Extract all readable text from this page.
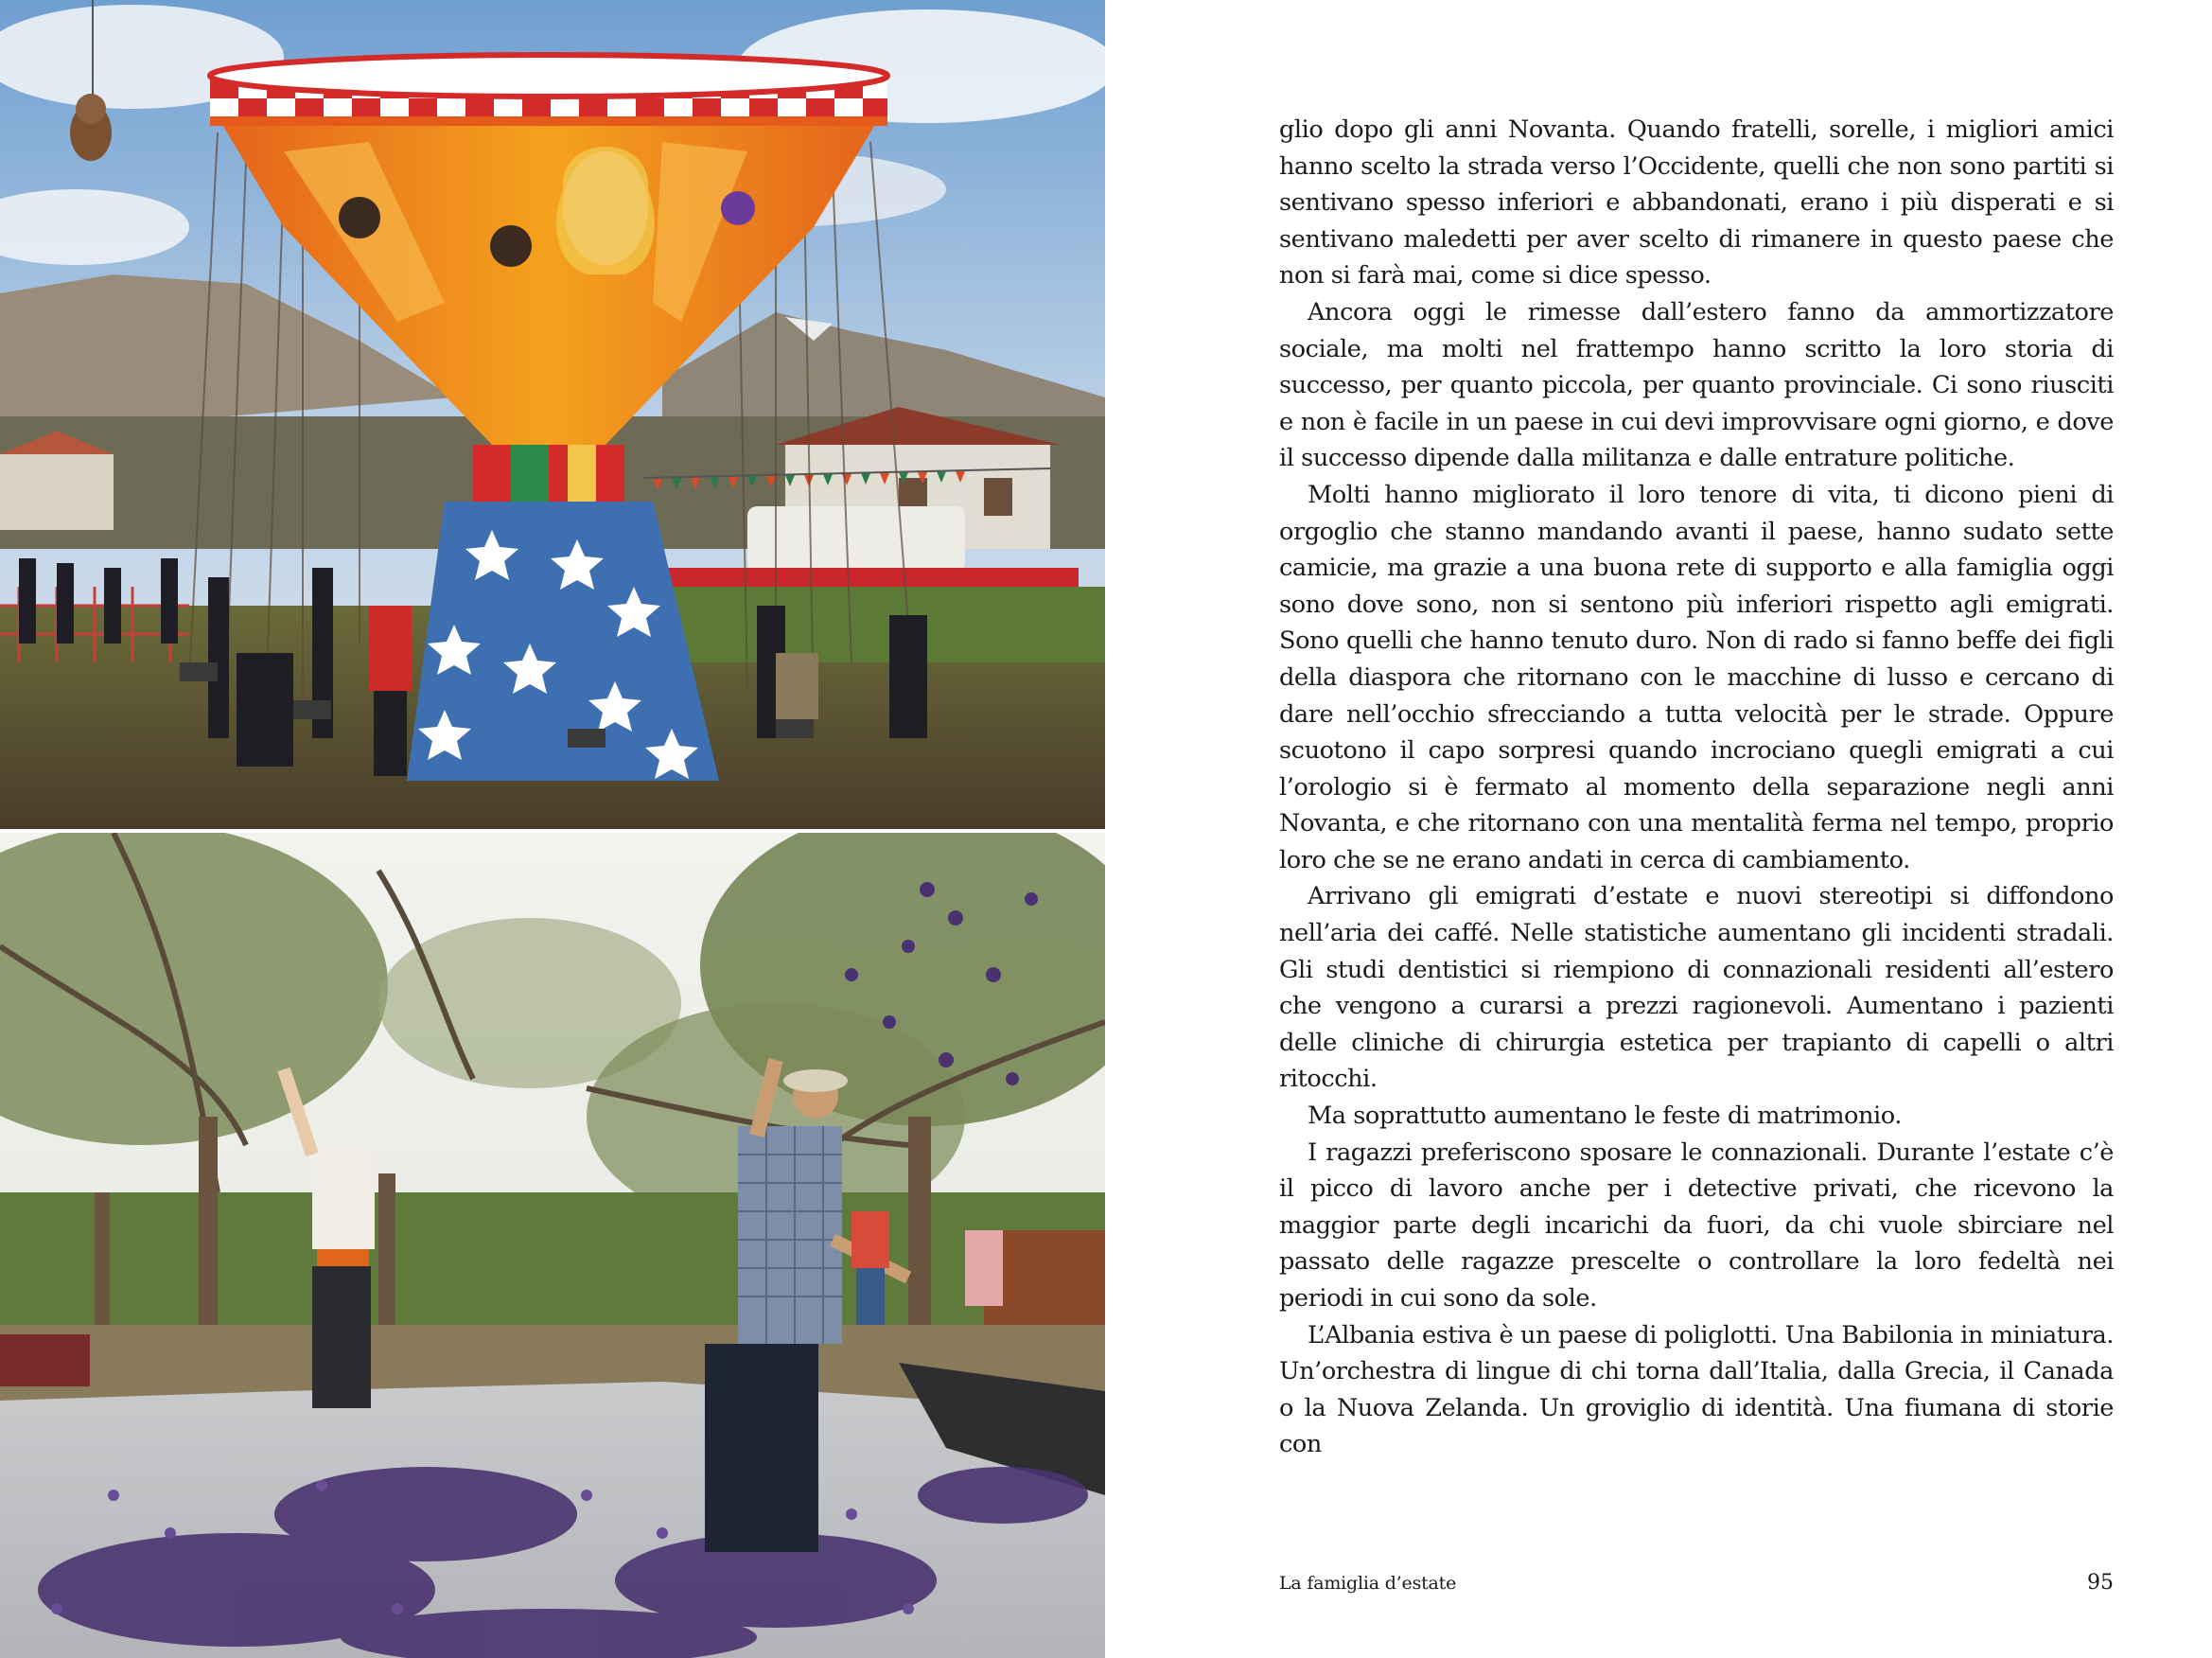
glio dopo gli anni Novanta. Quando fratelli, sorelle, i migliori amici hanno scelto la strada verso l’Occidente, quelli che non sono partiti si sentivano spesso inferiori e abbandonati, erano i più disperati e si sentivano maledetti per aver scelto di rimanere in questo paese che non si farà mai, come si dice spesso.

Ancora oggi le rimesse dall’estero fanno da ammortizzatore sociale, ma molti nel frattempo hanno scritto la loro storia di successo, per quanto piccola, per quanto provinciale. Ci sono riusciti e non è facile in un paese in cui devi improvvisare ogni giorno, e dove il successo dipende dalla militanza e dalle entrature politiche.

Molti hanno migliorato il loro tenore di vita, ti dicono pieni di orgoglio che stanno mandando avanti il paese, hanno sudato sette camicie, ma grazie a una buona rete di supporto e alla famiglia oggi sono dove sono, non si sentono più inferiori rispetto agli emigrati. Sono quelli che hanno tenuto duro. Non di rado si fanno beffe dei figli della diaspora che ritornano con le macchine di lusso e cercano di dare nell’occhio sfrecciando a tutta velocità per le strade. Oppure scuotono il capo sorpresi quando incrociano quegli emigrati a cui l’orologio si è fermato al momento della separazione negli anni Novanta, e che ritornano con una mentalità ferma nel tempo, proprio loro che se ne erano andati in cerca di cambiamento.

Arrivano gli emigrati d’estate e nuovi stereotipi si diffondono nell’aria dei caffé. Nelle statistiche aumentano gli incidenti stradali. Gli studi dentistici si riempiono di connazionali residenti all’estero che vengono a curarsi a prezzi ragionevoli. Aumentano i pazienti delle cliniche di chirurgia estetica per trapianto di capelli o altri ritocchi.

Ma soprattutto aumentano le feste di matrimonio.

I ragazzi preferiscono sposare le connazionali. Durante l’estate c’è il picco di lavoro anche per i detective privati, che ricevono la maggior parte degli incarichi da fuori, da chi vuole sbirciare nel passato delle ragazze prescelte o controllare la loro fedeltà nei periodi in cui sono da sole.

L’Albania estiva è un paese di poliglotti. Una Babilonia in miniatura. Un’orchestra di lingue di chi torna dall’Italia, dalla Grecia, il Canada o la Nuova Zelanda. Un groviglio di identità. Una fiumana di storie con

La famiglia d’estate	95
